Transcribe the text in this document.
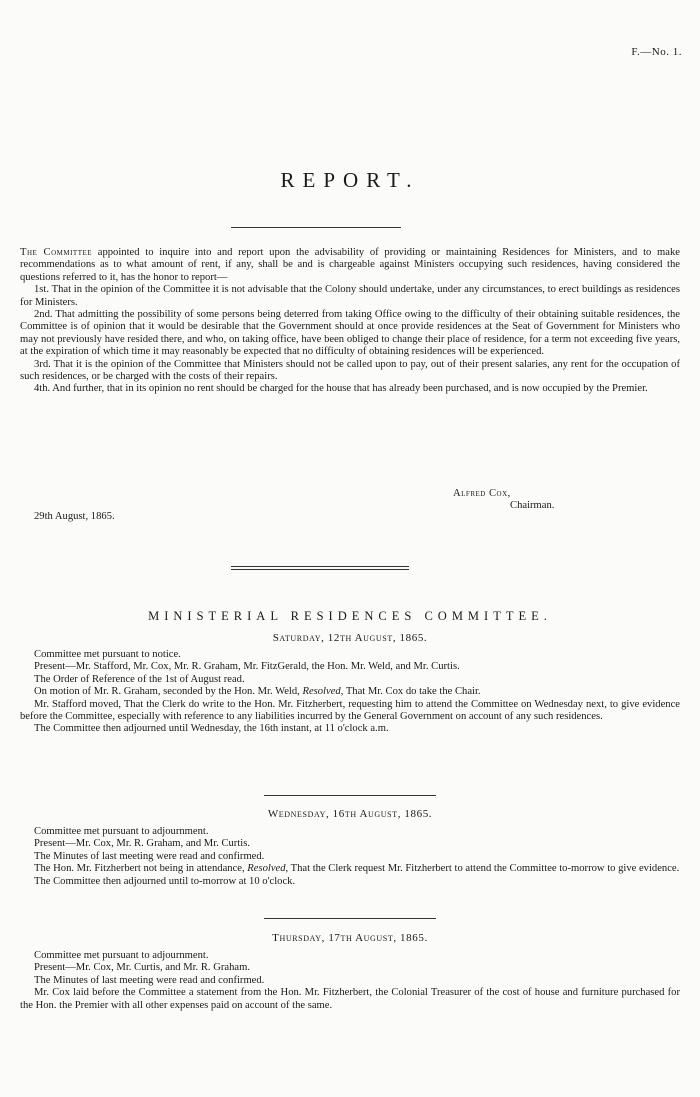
F.—No. 1.
REPORT.

The Committee appointed to inquire into and report upon the advisability of providing or maintaining Residences for Ministers, and to make recommendations as to what amount of rent, if any, shall be and is chargeable against Ministers occupying such residences, having considered the questions referred to it, has the honor to report—

1st. That in the opinion of the Committee it is not advisable that the Colony should undertake, under any circumstances, to erect buildings as residences for Ministers.

2nd. That admitting the possibility of some persons being deterred from taking Office owing to the difficulty of their obtaining suitable residences, the Committee is of opinion that it would be desirable that the Government should at once provide residences at the Seat of Government for Ministers who may not previously have resided there, and who, on taking office, have been obliged to change their place of residence, for a term not exceeding five years, at the expiration of which time it may reasonably be expected that no difficulty of obtaining residences will be experienced.

3rd. That it is the opinion of the Committee that Ministers should not be called upon to pay, out of their present salaries, any rent for the occupation of such residences, or be charged with the costs of their repairs.

4th. And further, that in its opinion no rent should be charged for the house that has already been purchased, and is now occupied by the Premier.

Alfred Cox,
Chairman.
29th August, 1865.
MINISTERIAL RESIDENCES COMMITTEE.
Saturday, 12th August, 1865.

Committee met pursuant to notice.

Present—Mr. Stafford, Mr. Cox, Mr. R. Graham, Mr. FitzGerald, the Hon. Mr. Weld, and Mr. Curtis.

The Order of Reference of the 1st of August read.

On motion of Mr. R. Graham, seconded by the Hon. Mr. Weld, Resolved, That Mr. Cox do take the Chair.

Mr. Stafford moved, That the Clerk do write to the Hon. Mr. Fitzherbert, requesting him to attend the Committee on Wednesday next, to give evidence before the Committee, especially with reference to any liabilities incurred by the General Government on account of any such residences.

The Committee then adjourned until Wednesday, the 16th instant, at 11 o'clock a.m.

Wednesday, 16th August, 1865.

Committee met pursuant to adjournment.

Present—Mr. Cox, Mr. R. Graham, and Mr. Curtis.

The Minutes of last meeting were read and confirmed.

The Hon. Mr. Fitzherbert not being in attendance, Resolved, That the Clerk request Mr. Fitzherbert to attend the Committee to-morrow to give evidence.

The Committee then adjourned until to-morrow at 10 o'clock.

Thursday, 17th August, 1865.

Committee met pursuant to adjournment.

Present—Mr. Cox, Mr. Curtis, and Mr. R. Graham.

The Minutes of last meeting were read and confirmed.

Mr. Cox laid before the Committee a statement from the Hon. Mr. Fitzherbert, the Colonial Treasurer of the cost of house and furniture purchased for the Hon. the Premier with all other expenses paid on account of the same.
